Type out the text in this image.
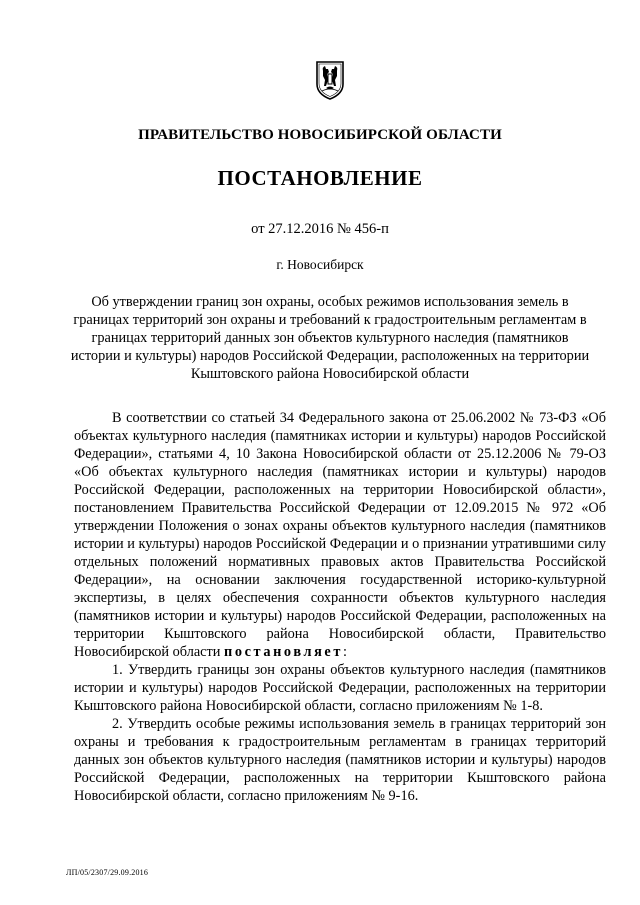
ПРАВИТЕЛЬСТВО НОВОСИБИРСКОЙ ОБЛАСТИ
ПОСТАНОВЛЕНИЕ
от 27.12.2016 № 456-п
г. Новосибирск
Об утверждении границ зон охраны, особых режимов использования земель в границах территорий зон охраны и требований к градостроительным регламентам в границах территорий данных зон объектов культурного наследия (памятников истории и культуры) народов Российской Федерации, расположенных на территории Кыштовского района Новосибирской области

В соответствии со статьей 34 Федерального закона от 25.06.2002 № 73-ФЗ «Об объектах культурного наследия (памятниках истории и культуры) народов Российской Федерации», статьями 4, 10 Закона Новосибирской области от 25.12.2006 № 79-ОЗ «Об объектах культурного наследия (памятниках истории и культуры) народов Российской Федерации, расположенных на территории Новосибирской области», постановлением Правительства Российской Федерации от 12.09.2015 № 972 «Об утверждении Положения о зонах охраны объектов культурного наследия (памятников истории и культуры) народов Российской Федерации и о признании утратившими силу отдельных положений нормативных правовых актов Правительства Российской Федерации», на основании заключения государственной историко-культурной экспертизы, в целях обеспечения сохранности объектов культурного наследия (памятников истории и культуры) народов Российской Федерации, расположенных на территории Кыштовского района Новосибирской области, Правительство Новосибирской области постановляет:

1. Утвердить границы зон охраны объектов культурного наследия (памятников истории и культуры) народов Российской Федерации, расположенных на территории Кыштовского района Новосибирской области, согласно приложениям № 1-8.

2. Утвердить особые режимы использования земель в границах территорий зон охраны и требования к градостроительным регламентам в границах территорий данных зон объектов культурного наследия (памятников истории и культуры) народов Российской Федерации, расположенных на территории Кыштовского района Новосибирской области, согласно приложениям № 9-16.

ЛП/05/2307/29.09.2016
